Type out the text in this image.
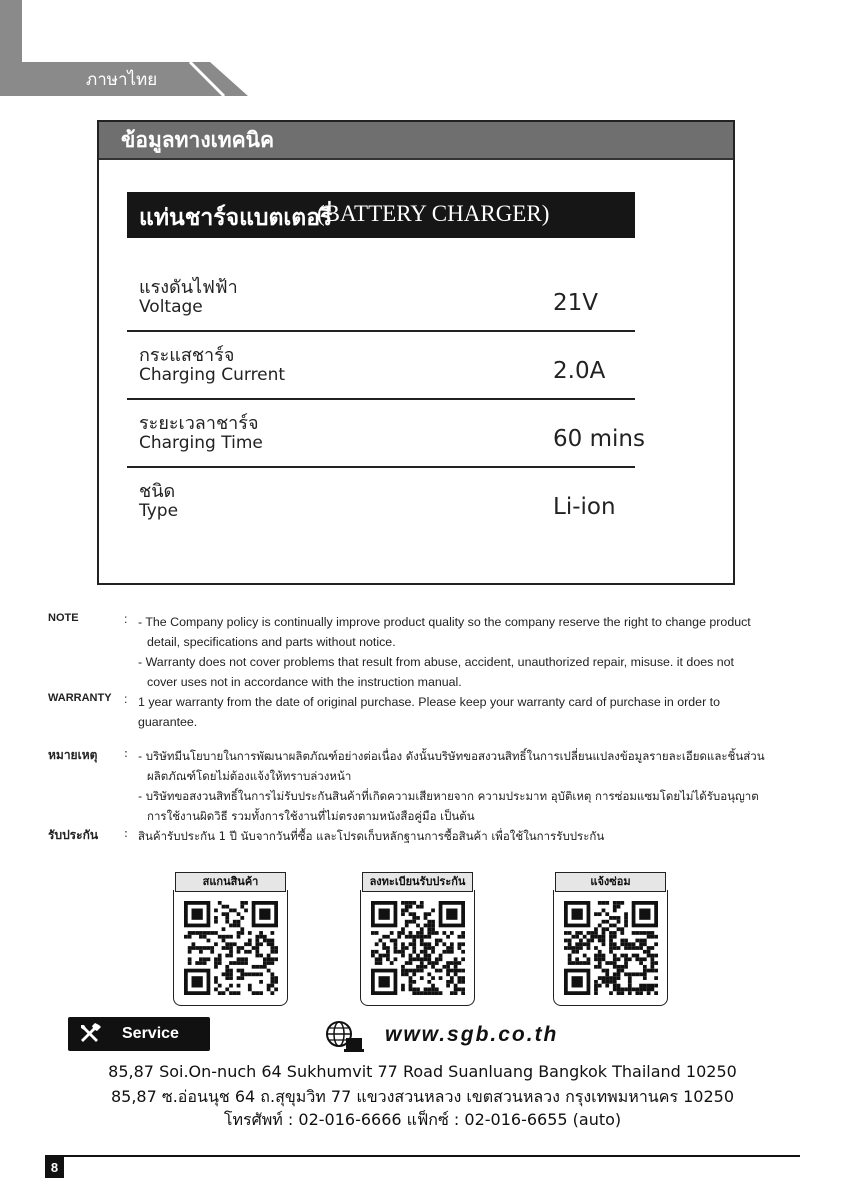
ภาษาไทย
ข้อมูลทางเทคนิค
แท่นชาร์จแบตเตอรี่
(BATTERY CHARGER)
แรงดันไฟฟ้า
Voltage	21V
กระแสชาร์จ
Charging Current	2.0A
ระยะเวลาชาร์จ
Charging Time	60 mins
ชนิด
Type	Li-ion
NOTE	: - The Company policy is continually improve product quality so the company reserve the right to change product
detail, specifications and parts without notice.
- Warranty does not cover problems that result from abuse, accident, unauthorized repair, misuse. it does not
cover uses not in accordance with the instruction manual.
WARRANTY : 1 year warranty from the date of original purchase. Please keep your warranty card of purchase in order to
guarantee.
หมายเหตุ : - บริษัทมีนโยบายในการพัฒนาผลิตภัณฑ์อย่างต่อเนื่อง ดังนั้นบริษัทขอสงวนสิทธิ์ในการเปลี่ยนแปลงข้อมูลรายละเอียดและชิ้นส่วน
ผลิตภัณฑ์โดยไม่ต้องแจ้งให้ทราบล่วงหน้า
- บริษัทขอสงวนสิทธิ์ในการไม่รับประกันสินค้าที่เกิดความเสียหายจาก ความประมาท อุบัติเหตุ การซ่อมแซมโดยไม่ได้รับอนุญาต
การใช้งานผิดวิธี รวมทั้งการใช้งานที่ไม่ตรงตามหนังสือคู่มือ เป็นต้น
รับประกัน : สินค้ารับประกัน 1 ปี นับจากวันที่ซื้อ และโปรดเก็บหลักฐานการซื้อสินค้า เพื่อใช้ในการรับประกัน
สแกนสินค้า	ลงทะเบียนรับประกัน	แจ้งซ่อม
Service	www.sgb.co.th
85,87 Soi.On-nuch 64 Sukhumvit 77 Road Suanluang Bangkok Thailand 10250
85,87 ซ.อ่อนนุช 64 ถ.สุขุมวิท 77 แขวงสวนหลวง เขตสวนหลวง กรุงเทพมหานคร 10250
โทรศัพท์ : 02-016-6666 แฟ็กซ์ : 02-016-6655 (auto)
8
